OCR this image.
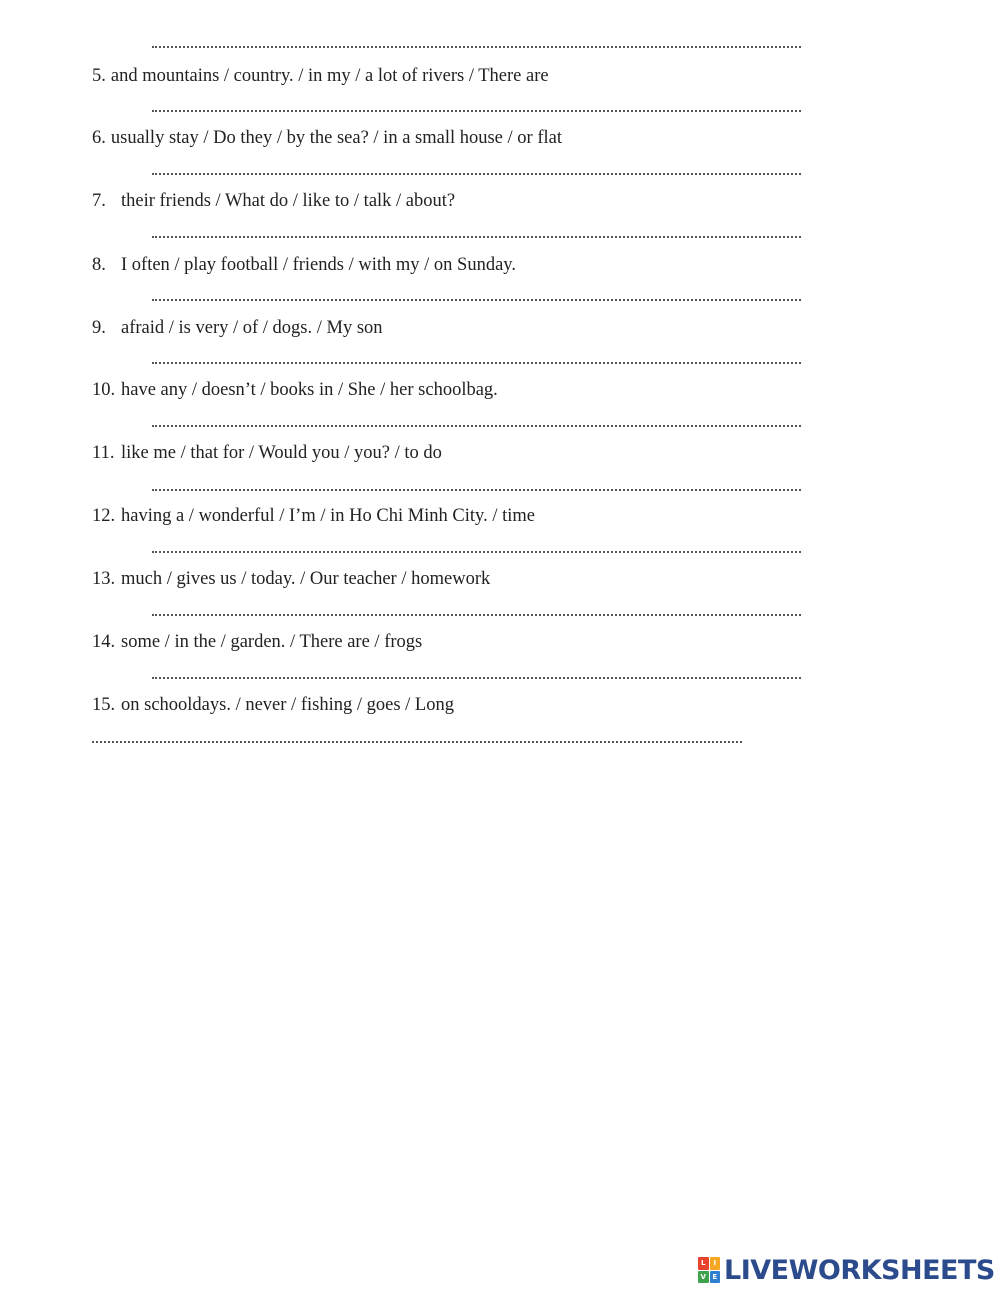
5. and mountains / country. / in my / a lot of rivers / There are
6. usually stay / Do they / by the sea? / in a small house / or flat
7. their friends / What do / like to / talk / about?
8. I often / play football / friends / with my / on Sunday.
9. afraid / is very / of / dogs. / My son
10. have any / doesn’t / books in / She / her schoolbag.
11. like me / that for / Would you / you? / to do
12. having a / wonderful / I’m / in Ho Chi Minh City. / time
13. much / gives us / today. / Our teacher / homework
14. some / in the / garden. / There are / frogs
15. on schooldays. / never / fishing / goes / Long
L	I
V E LIVEWORKSHEETS
